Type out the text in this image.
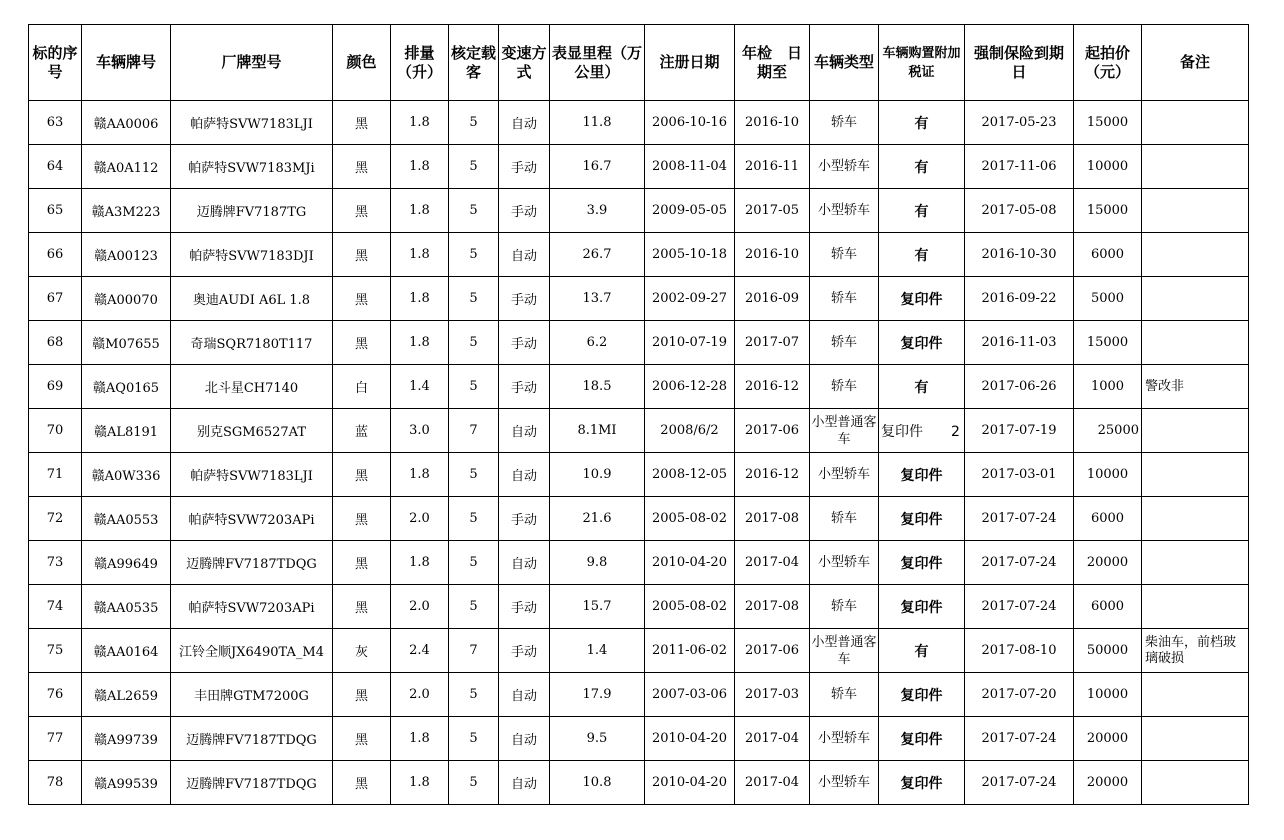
标的序号	车辆牌号	厂牌型号	颜色	排量（升）	核定载客	变速方式	表显里程（万公里）	注册日期	年检　日期至	车辆类型	车辆购置附加税证	强制保险到期日	起拍价（元）	备注
63	赣AA0006	帕萨特SVW7183LJI	黑	1.8	5	自动	11.8	2006-10-16	2016-10	轿车	有	2017-05-23	15000	
64	赣A0A112	帕萨特SVW7183MJi	黑	1.8	5	手动	16.7	2008-11-04	2016-11	小型轿车	有	2017-11-06	10000	
65	赣A3M223	迈腾牌FV7187TG	黑	1.8	5	手动	3.9	2009-05-05	2017-05	小型轿车	有	2017-05-08	15000	
66	赣A00123	帕萨特SVW7183DJI	黑	1.8	5	自动	26.7	2005-10-18	2016-10	轿车	有	2016-10-30	6000	
67	赣A00070	奥迪AUDI A6L 1.8	黑	1.8	5	手动	13.7	2002-09-27	2016-09	轿车	复印件	2016-09-22	5000	
68	赣M07655	奇瑞SQR7180T117	黑	1.8	5	手动	6.2	2010-07-19	2017-07	轿车	复印件	2016-11-03	15000	
69	赣AQ0165	北斗星CH7140	白	1.4	5	手动	18.5	2006-12-28	2016-12	轿车	有	2017-06-26	1000	警改非
70	赣AL8191	别克SGM6527AT	蓝	3.0	7	自动	8.1MI	2008/6/2	2017-06	小型普通客车	复印件　　2	2017-07-19	25000	
71	赣A0W336	帕萨特SVW7183LJI	黑	1.8	5	自动	10.9	2008-12-05	2016-12	小型轿车	复印件	2017-03-01	10000	
72	赣AA0553	帕萨特SVW7203APi	黑	2.0	5	手动	21.6	2005-08-02	2017-08	轿车	复印件	2017-07-24	6000	
73	赣A99649	迈腾牌FV7187TDQG	黑	1.8	5	自动	9.8	2010-04-20	2017-04	小型轿车	复印件	2017-07-24	20000	
74	赣AA0535	帕萨特SVW7203APi	黑	2.0	5	手动	15.7	2005-08-02	2017-08	轿车	复印件	2017-07-24	6000	
75	赣AA0164	江铃全顺JX6490TA_M4	灰	2.4	7	手动	1.4	2011-06-02	2017-06	小型普通客车	有	2017-08-10	50000	柴油车，前档玻璃破损
76	赣AL2659	丰田牌GTM7200G	黑	2.0	5	自动	17.9	2007-03-06	2017-03	轿车	复印件	2017-07-20	10000	
77	赣A99739	迈腾牌FV7187TDQG	黑	1.8	5	自动	9.5	2010-04-20	2017-04	小型轿车	复印件	2017-07-24	20000	
78	赣A99539	迈腾牌FV7187TDQG	黑	1.8	5	自动	10.8	2010-04-20	2017-04	小型轿车	复印件	2017-07-24	20000	
